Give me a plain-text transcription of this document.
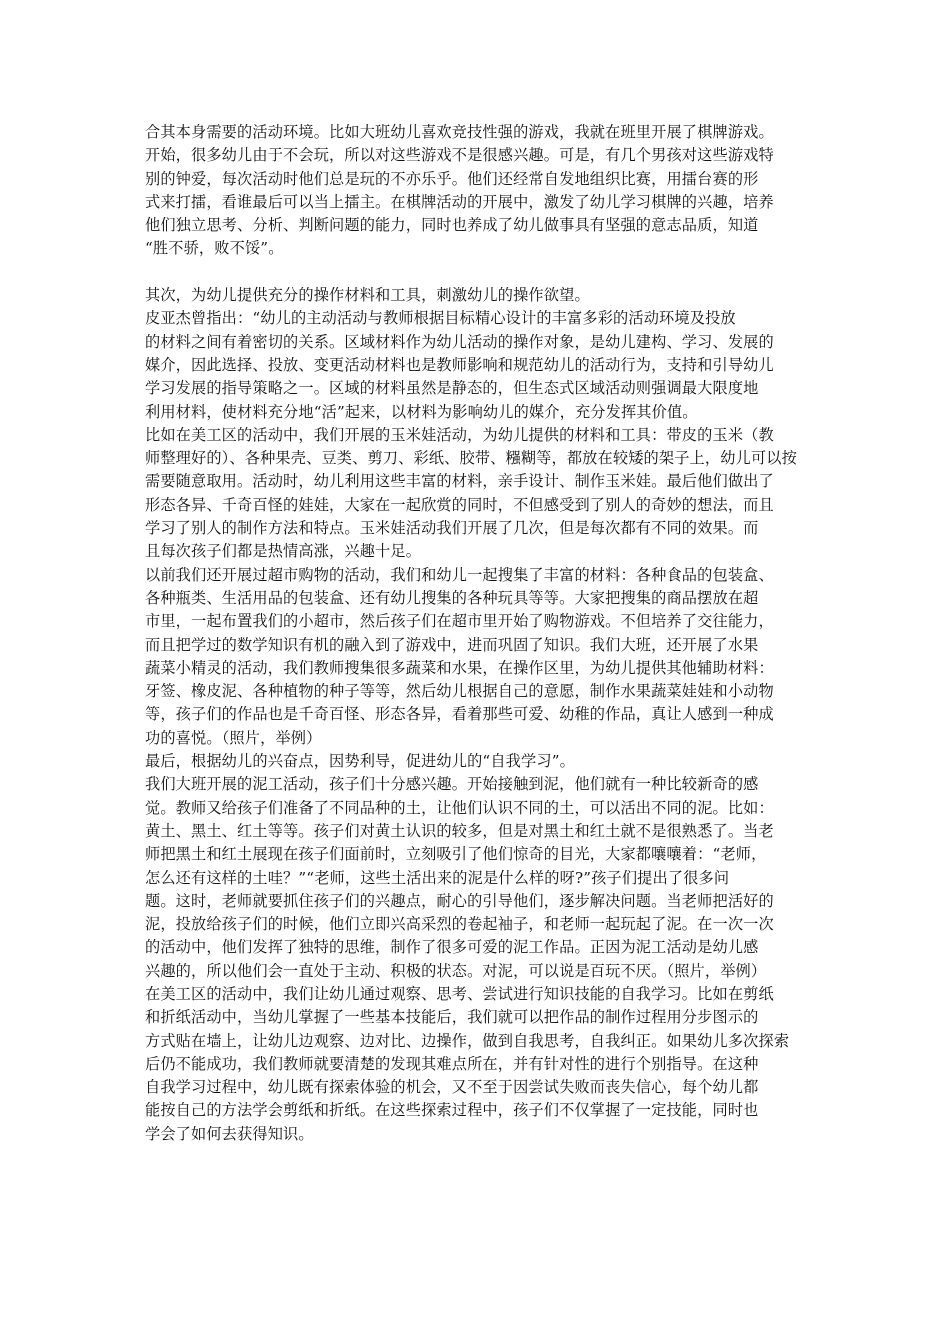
合其本身需要的活动环境。比如大班幼儿喜欢竞技性强的游戏，我就在班里开展了棋牌游戏。
开始，很多幼儿由于不会玩，所以对这些游戏不是很感兴趣。可是，有几个男孩对这些游戏特
别的钟爱，每次活动时他们总是玩的不亦乐乎。他们还经常自发地组织比赛，用擂台赛的形
式来打擂，看谁最后可以当上擂主。在棋牌活动的开展中，激发了幼儿学习棋牌的兴趣，培养
他们独立思考、分析、判断问题的能力，同时也养成了幼儿做事具有坚强的意志品质，知道
“胜不骄，败不馁”。
其次，为幼儿提供充分的操作材料和工具，刺激幼儿的操作欲望。
皮亚杰曾指出：“幼儿的主动活动与教师根据目标精心设计的丰富多彩的活动环境及投放
的材料之间有着密切的关系。区域材料作为幼儿活动的操作对象，是幼儿建构、学习、发展的
媒介，因此选择、投放、变更活动材料也是教师影响和规范幼儿的活动行为，支持和引导幼儿
学习发展的指导策略之一。区域的材料虽然是静态的，但生态式区域活动则强调最大限度地
利用材料，使材料充分地“活”起来，以材料为影响幼儿的媒介，充分发挥其价值。
比如在美工区的活动中，我们开展的玉米娃活动，为幼儿提供的材料和工具：带皮的玉米（教
师整理好的）、各种果壳、豆类、剪刀、彩纸、胶带、糨糊等，都放在较矮的架子上，幼儿可以按
需要随意取用。活动时，幼儿利用这些丰富的材料，亲手设计、制作玉米娃。最后他们做出了
形态各异、千奇百怪的娃娃，大家在一起欣赏的同时，不但感受到了别人的奇妙的想法，而且
学习了别人的制作方法和特点。玉米娃活动我们开展了几次，但是每次都有不同的效果。而
且每次孩子们都是热情高涨，兴趣十足。
以前我们还开展过超市购物的活动，我们和幼儿一起搜集了丰富的材料：各种食品的包装盒、
各种瓶类、生活用品的包装盒、还有幼儿搜集的各种玩具等等。大家把搜集的商品摆放在超
市里，一起布置我们的小超市，然后孩子们在超市里开始了购物游戏。不但培养了交往能力，
而且把学过的数学知识有机的融入到了游戏中，进而巩固了知识。我们大班，还开展了水果
蔬菜小精灵的活动，我们教师搜集很多蔬菜和水果，在操作区里，为幼儿提供其他辅助材料：
牙签、橡皮泥、各种植物的种子等等，然后幼儿根据自己的意愿，制作水果蔬菜娃娃和小动物
等，孩子们的作品也是千奇百怪、形态各异，看着那些可爱、幼稚的作品，真让人感到一种成
功的喜悦。（照片，举例）
最后，根据幼儿的兴奋点，因势利导，促进幼儿的“自我学习”。
我们大班开展的泥工活动，孩子们十分感兴趣。开始接触到泥，他们就有一种比较新奇的感
觉。教师又给孩子们准备了不同品种的土，让他们认识不同的土，可以活出不同的泥。比如：
黄土、黑土、红土等等。孩子们对黄土认识的较多，但是对黑土和红土就不是很熟悉了。当老
师把黑土和红土展现在孩子们面前时，立刻吸引了他们惊奇的目光，大家都嚷嚷着：“老师，
怎么还有这样的土哇？”“老师，这些土活出来的泥是什么样的呀?”孩子们提出了很多问
题。这时，老师就要抓住孩子们的兴趣点，耐心的引导他们，逐步解决问题。当老师把活好的
泥，投放给孩子们的时候，他们立即兴高采烈的卷起袖子，和老师一起玩起了泥。在一次一次
的活动中，他们发挥了独特的思维，制作了很多可爱的泥工作品。正因为泥工活动是幼儿感
兴趣的，所以他们会一直处于主动、积极的状态。对泥，可以说是百玩不厌。（照片，举例）
在美工区的活动中，我们让幼儿通过观察、思考、尝试进行知识技能的自我学习。比如在剪纸
和折纸活动中，当幼儿掌握了一些基本技能后，我们就可以把作品的制作过程用分步图示的
方式贴在墙上，让幼儿边观察、边对比、边操作，做到自我思考，自我纠正。如果幼儿多次探索
后仍不能成功，我们教师就要清楚的发现其难点所在，并有针对性的进行个别指导。在这种
自我学习过程中，幼儿既有探索体验的机会，又不至于因尝试失败而丧失信心，每个幼儿都
能按自己的方法学会剪纸和折纸。在这些探索过程中，孩子们不仅掌握了一定技能，同时也
学会了如何去获得知识。
